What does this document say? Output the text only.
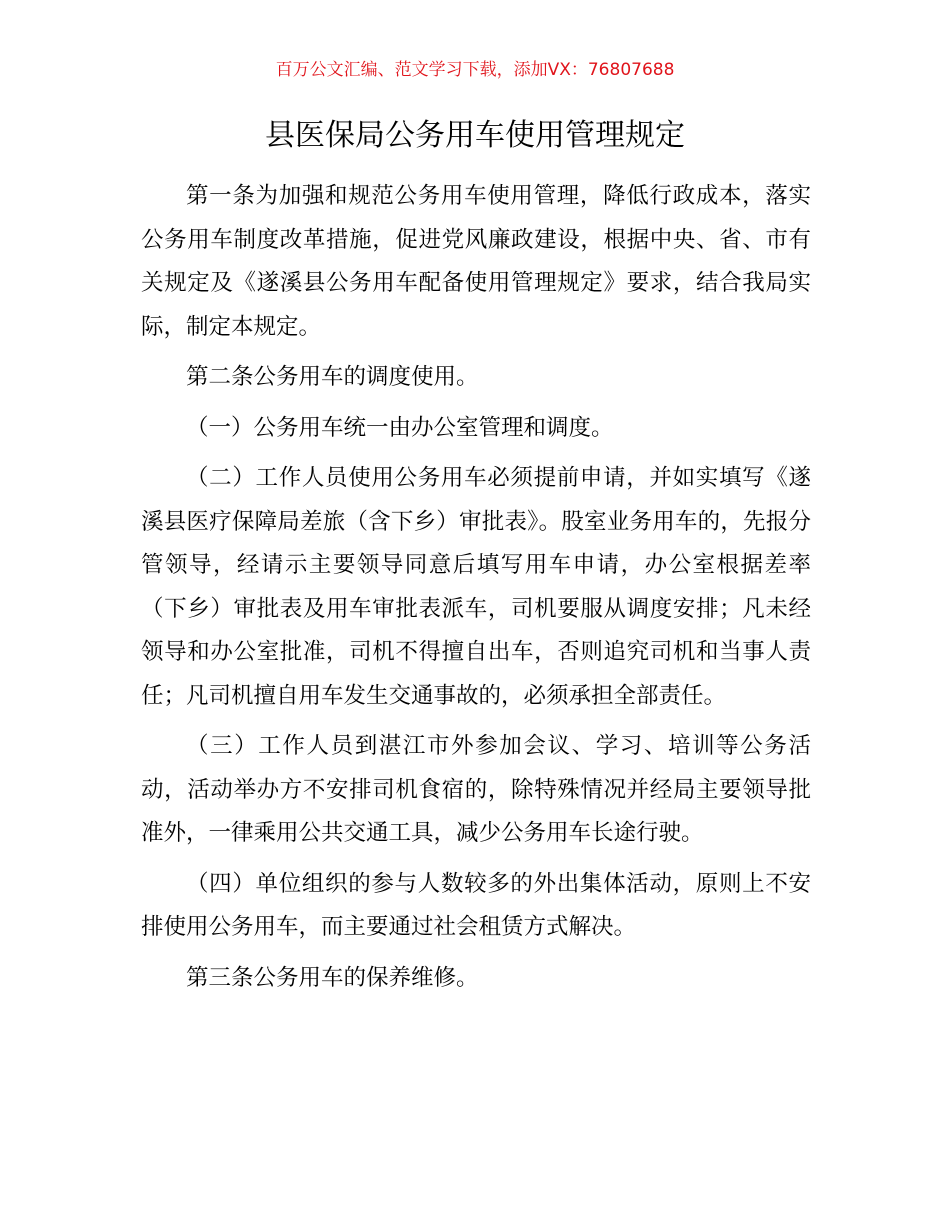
百万公文汇编、范文学习下载，添加VX：76807688
县医保局公务用车使用管理规定

第一条为加强和规范公务用车使用管理，降低行政成本，落实公务用车制度改革措施，促进党风廉政建设，根据中央、省、市有关规定及《遂溪县公务用车配备使用管理规定》要求，结合我局实际，制定本规定。

第二条公务用车的调度使用。

（一）公务用车统一由办公室管理和调度。

（二）工作人员使用公务用车必须提前申请，并如实填写《遂溪县医疗保障局差旅（含下乡）审批表》。股室业务用车的，先报分管领导，经请示主要领导同意后填写用车申请，办公室根据差率（下乡）审批表及用车审批表派车，司机要服从调度安排；凡未经领导和办公室批准，司机不得擅自出车，否则追究司机和当事人责任；凡司机擅自用车发生交通事故的，必须承担全部责任。

（三）工作人员到湛江市外参加会议、学习、培训等公务活动，活动举办方不安排司机食宿的，除特殊情况并经局主要领导批准外，一律乘用公共交通工具，减少公务用车长途行驶。

（四）单位组织的参与人数较多的外出集体活动，原则上不安排使用公务用车，而主要通过社会租赁方式解决。

第三条公务用车的保养维修。
